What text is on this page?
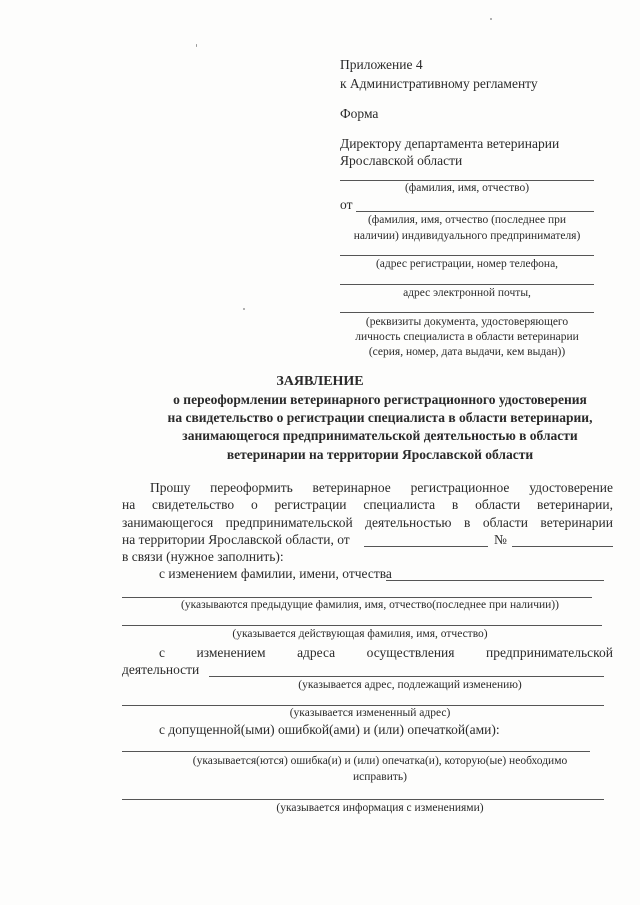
Приложение 4
к Административному регламенту
Форма
Директору департамента ветеринарии
Ярославской области
(фамилия, имя, отчество)
от
(фамилия, имя, отчество (последнее при
наличии) индивидуального предпринимателя)
(адрес регистрации, номер телефона,
адрес электронной почты,
(реквизиты документа, удостоверяющего
личность специалиста в области ветеринарии
(серия, номер, дата выдачи, кем выдан))
ЗАЯВЛЕНИЕ
о переоформлении ветеринарного регистрационного удостоверения
на свидетельство о регистрации специалиста в области ветеринарии,
занимающегося предпринимательской деятельностью в области
ветеринарии на территории Ярославской области
Прошу переоформить ветеринарное регистрационное удостоверение
на свидетельство о регистрации специалиста в области ветеринарии,
занимающегося предпринимательской деятельностью в области ветеринарии
на территории Ярославской области, от	№
в связи (нужное заполнить):
с изменением фамилии, имени, отчества
(указываются предыдущие фамилия, имя, отчество(последнее при наличии))
(указывается действующая фамилия, имя, отчество)
с изменением адреса осуществления предпринимательской
деятельности
(указывается адрес, подлежащий изменению)
(указывается измененный адрес)
с допущенной(ыми) ошибкой(ами) и (или) опечаткой(ами):
(указывается(ются) ошибка(и) и (или) опечатка(и), которую(ые) необходимо
исправить)
(указывается информация с изменениями)
